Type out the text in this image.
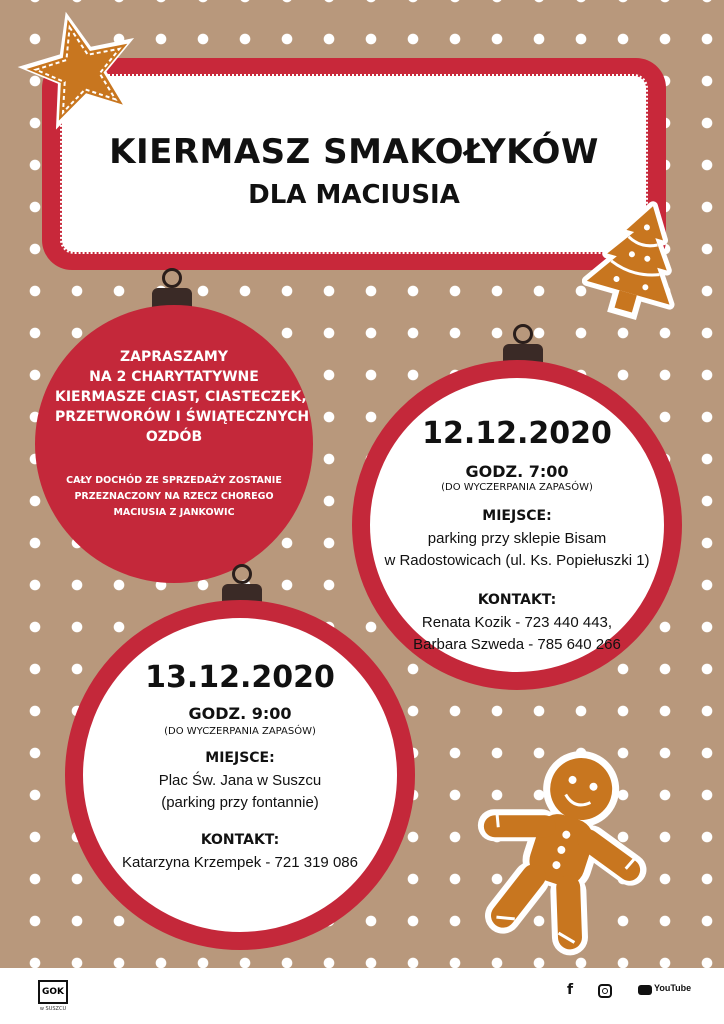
KIERMASZ SMAKOŁYKÓW
DLA MACIUSIA
ZAPRASZAMY
NA 2 CHARYTATYWNE
KIERMASZE CIAST, CIASTECZEK,
PRZETWORÓW I ŚWIĄTECZNYCH
OZDÓB
CAŁY DOCHÓD ZE SPRZEDAŻY ZOSTANIE
PRZEZNACZONY NA RZECZ CHOREGO
MACIUSIA Z JANKOWIC
12.12.2020
GODZ. 7:00
(DO WYCZERPANIA ZAPASÓW)
MIEJSCE:
parking przy sklepie Bisam
w Radostowicach (ul. Ks. Popiełuszki 1)
KONTAKT:
Renata Kozik - 723 440 443,
Barbara Szweda - 785 640 266
13.12.2020
GODZ. 9:00
(DO WYCZERPANIA ZAPASÓW)
MIEJSCE:
Plac Św. Jana w Suszcu
(parking przy fontannie)
KONTAKT:
Katarzyna Krzempek - 721 319 086
GOK
w SUSZCU
f	YouTube
